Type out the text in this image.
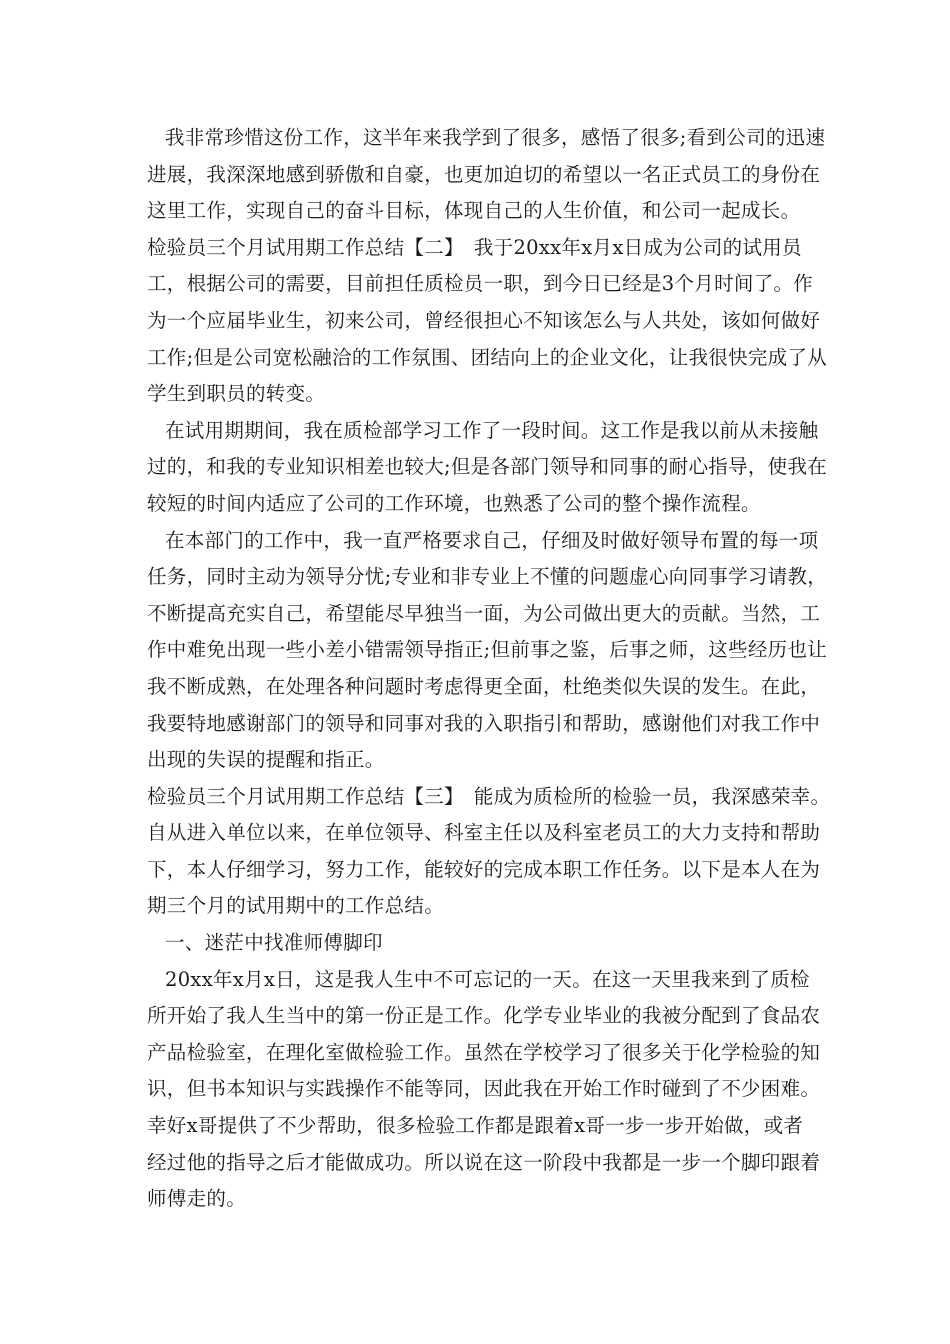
我非常珍惜这份工作，这半年来我学到了很多，感悟了很多;看到公司的迅速
进展，我深深地感到骄傲和自豪，也更加迫切的希望以一名正式员工的身份在
这里工作，实现自己的奋斗目标，体现自己的人生价值，和公司一起成长。
检验员三个月试用期工作总结【二】　我于20xx年x月x日成为公司的试用员
工，根据公司的需要，目前担任质检员一职，到今日已经是3个月时间了。作
为一个应届毕业生，初来公司，曾经很担心不知该怎么与人共处，该如何做好
工作;但是公司宽松融洽的工作氛围、团结向上的企业文化，让我很快完成了从
学生到职员的转变。
在试用期期间，我在质检部学习工作了一段时间。这工作是我以前从未接触
过的，和我的专业知识相差也较大;但是各部门领导和同事的耐心指导，使我在
较短的时间内适应了公司的工作环境，也熟悉了公司的整个操作流程。
在本部门的工作中，我一直严格要求自己，仔细及时做好领导布置的每一项
任务，同时主动为领导分忧;专业和非专业上不懂的问题虚心向同事学习请教，
不断提高充实自己，希望能尽早独当一面，为公司做出更大的贡献。当然，工
作中难免出现一些小差小错需领导指正;但前事之鉴，后事之师，这些经历也让
我不断成熟，在处理各种问题时考虑得更全面，杜绝类似失误的发生。在此，
我要特地感谢部门的领导和同事对我的入职指引和帮助，感谢他们对我工作中
出现的失误的提醒和指正。
检验员三个月试用期工作总结【三】　能成为质检所的检验一员，我深感荣幸。
自从进入单位以来，在单位领导、科室主任以及科室老员工的大力支持和帮助
下，本人仔细学习，努力工作，能较好的完成本职工作任务。以下是本人在为
期三个月的试用期中的工作总结。
一、迷茫中找准师傅脚印
20xx年x月x日，这是我人生中不可忘记的一天。在这一天里我来到了质检
所开始了我人生当中的第一份正是工作。化学专业毕业的我被分配到了食品农
产品检验室，在理化室做检验工作。虽然在学校学习了很多关于化学检验的知
识，但书本知识与实践操作不能等同，因此我在开始工作时碰到了不少困难。
幸好x哥提供了不少帮助，很多检验工作都是跟着x哥一步一步开始做，或者
经过他的指导之后才能做成功。所以说在这一阶段中我都是一步一个脚印跟着
师傅走的。
